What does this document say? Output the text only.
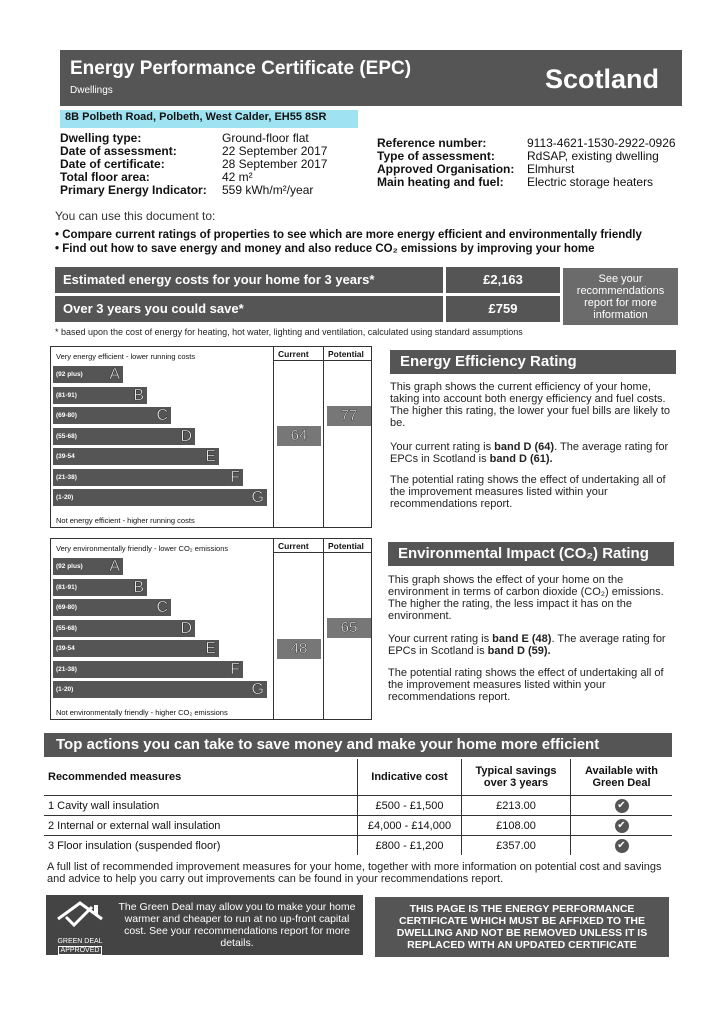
Energy Performance Certificate (EPC)
Dwellings	Scotland
8B Polbeth Road, Polbeth, West Calder, EH55 8SR
Dwelling type:	Ground-floor flat
Date of assessment:	22 September 2017
Date of certificate:	28 September 2017
Total floor area:	42 m²
Primary Energy Indicator:	559 kWh/m²/year
Reference number:	9113-4621-1530-2922-0926
Type of assessment:	RdSAP, existing dwelling
Approved Organisation:	Elmhurst
Main heating and fuel:	Electric storage heaters
You can use this document to:
• Compare current ratings of properties to see which are more energy efficient and environmentally friendly
• Find out how to save energy and money and also reduce CO₂ emissions by improving your home
Estimated energy costs for your home for 3 years*	£2,163
Over 3 years you could save*	£759
See your recommendations report for more information
* based upon the cost of energy for heating, hot water, lighting and ventilation, calculated using standard assumptions
Very energy efficient - lower running costs	Current Potential
Not energy efficient - higher running costs
(92 plus) A
(81-91)	B
(69-80)	C
(55-68)	D
(39-54	E
(21-38)	F
(1-20)	G
64
77
Energy Efficiency Rating
This graph shows the current efficiency of your home, taking into account both energy efficiency and fuel costs. The higher this rating, the lower your fuel bills are likely to be.
Your current rating is band D (64). The average rating for EPCs in Scotland is band D (61).
The potential rating shows the effect of undertaking all of the improvement measures listed within your recommendations report.
Very environmentally friendly - lower CO₂ emissions	Current Potential
Not environmentally friendly - higher CO₂ emissions
(92 plus) A
(81-91)	B
(69-80)	C
(55-68)	D
(39-54	E
(21-38)	F
(1-20)	G
48
65
Environmental Impact (CO₂) Rating
This graph shows the effect of your home on the environment in terms of carbon dioxide (CO₂) emissions. The higher the rating, the less impact it has on the environment.
Your current rating is band E (48). The average rating for EPCs in Scotland is band D (59).
The potential rating shows the effect of undertaking all of the improvement measures listed within your recommendations report.
Top actions you can take to save money and make your home more efficient
Recommended measures	Indicative cost	Typical savings over 3 years	Available with Green Deal
1 Cavity wall insulation	£500 - £1,500	£213.00	✔
2 Internal or external wall insulation	£4,000 - £14,000	£108.00	✔
3 Floor insulation (suspended floor)	£800 - £1,200	£357.00	✔
A full list of recommended improvement measures for your home, together with more information on potential cost and savings and advice to help you carry out improvements can be found in your recommendations report.
GREEN DEAL
APPROVED
The Green Deal may allow you to make your home warmer and cheaper to run at no up-front capital cost. See your recommendations report for more details.
THIS PAGE IS THE ENERGY PERFORMANCE CERTIFICATE WHICH MUST BE AFFIXED TO THE DWELLING AND NOT BE REMOVED UNLESS IT IS REPLACED WITH AN UPDATED CERTIFICATE
